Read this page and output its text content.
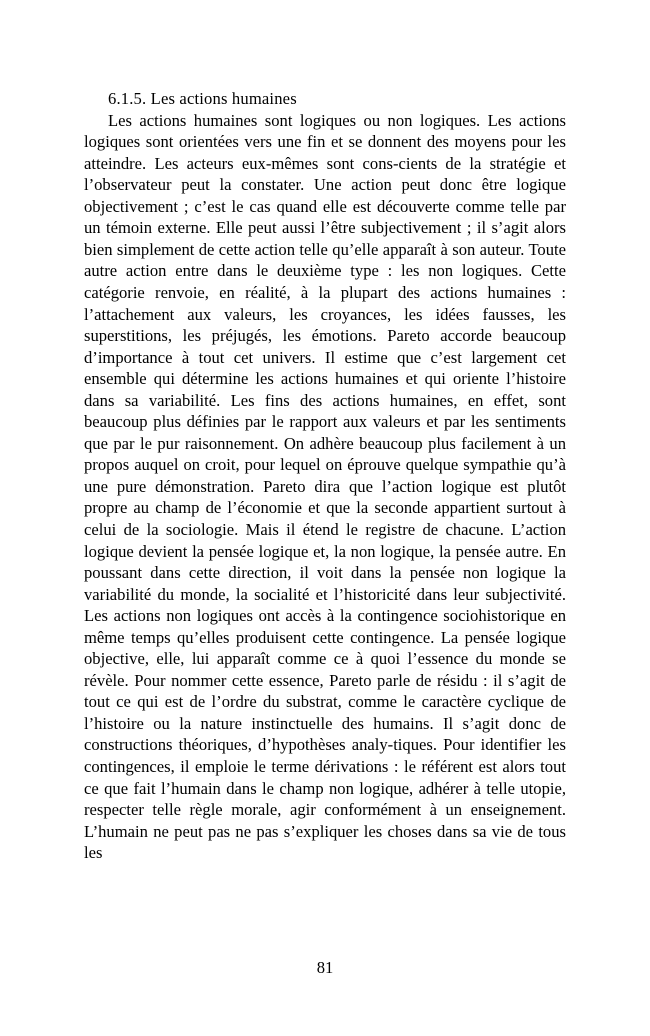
6.1.5. Les actions humaines

Les actions humaines sont logiques ou non logiques. Les actions logiques sont orientées vers une fin et se donnent des moyens pour les atteindre. Les acteurs eux-mêmes sont cons-cients de la stratégie et l’observateur peut la constater. Une action peut donc être logique objectivement ; c’est le cas quand elle est découverte comme telle par un témoin externe. Elle peut aussi l’être subjectivement ; il s’agit alors bien simplement de cette action telle qu’elle apparaît à son auteur. Toute autre action entre dans le deuxième type : les non logiques. Cette catégorie renvoie, en réalité, à la plupart des actions humaines : l’attachement aux valeurs, les croyances, les idées fausses, les superstitions, les préjugés, les émotions. Pareto accorde beaucoup d’importance à tout cet univers. Il estime que c’est largement cet ensemble qui détermine les actions humaines et qui oriente l’histoire dans sa variabilité. Les fins des actions humaines, en effet, sont beaucoup plus définies par le rapport aux valeurs et par les sentiments que par le pur raisonnement. On adhère beaucoup plus facilement à un propos auquel on croit, pour lequel on éprouve quelque sympathie qu’à une pure démonstration. Pareto dira que l’action logique est plutôt propre au champ de l’économie et que la seconde appartient surtout à celui de la sociologie. Mais il étend le registre de chacune. L’action logique devient la pensée logique et, la non logique, la pensée autre. En poussant dans cette direction, il voit dans la pensée non logique la variabilité du monde, la socialité et l’historicité dans leur subjectivité. Les actions non logiques ont accès à la contingence sociohistorique en même temps qu’elles produisent cette contingence. La pensée logique objective, elle, lui apparaît comme ce à quoi l’essence du monde se révèle. Pour nommer cette essence, Pareto parle de résidu : il s’agit de tout ce qui est de l’ordre du substrat, comme le caractère cyclique de l’histoire ou la nature instinctuelle des humains. Il s’agit donc de constructions théoriques, d’hypothèses analy-tiques. Pour identifier les contingences, il emploie le terme dérivations : le référent est alors tout ce que fait l’humain dans le champ non logique, adhérer à telle utopie, respecter telle règle morale, agir conformément à un enseignement. L’humain ne peut pas ne pas s’expliquer les choses dans sa vie de tous les

81
